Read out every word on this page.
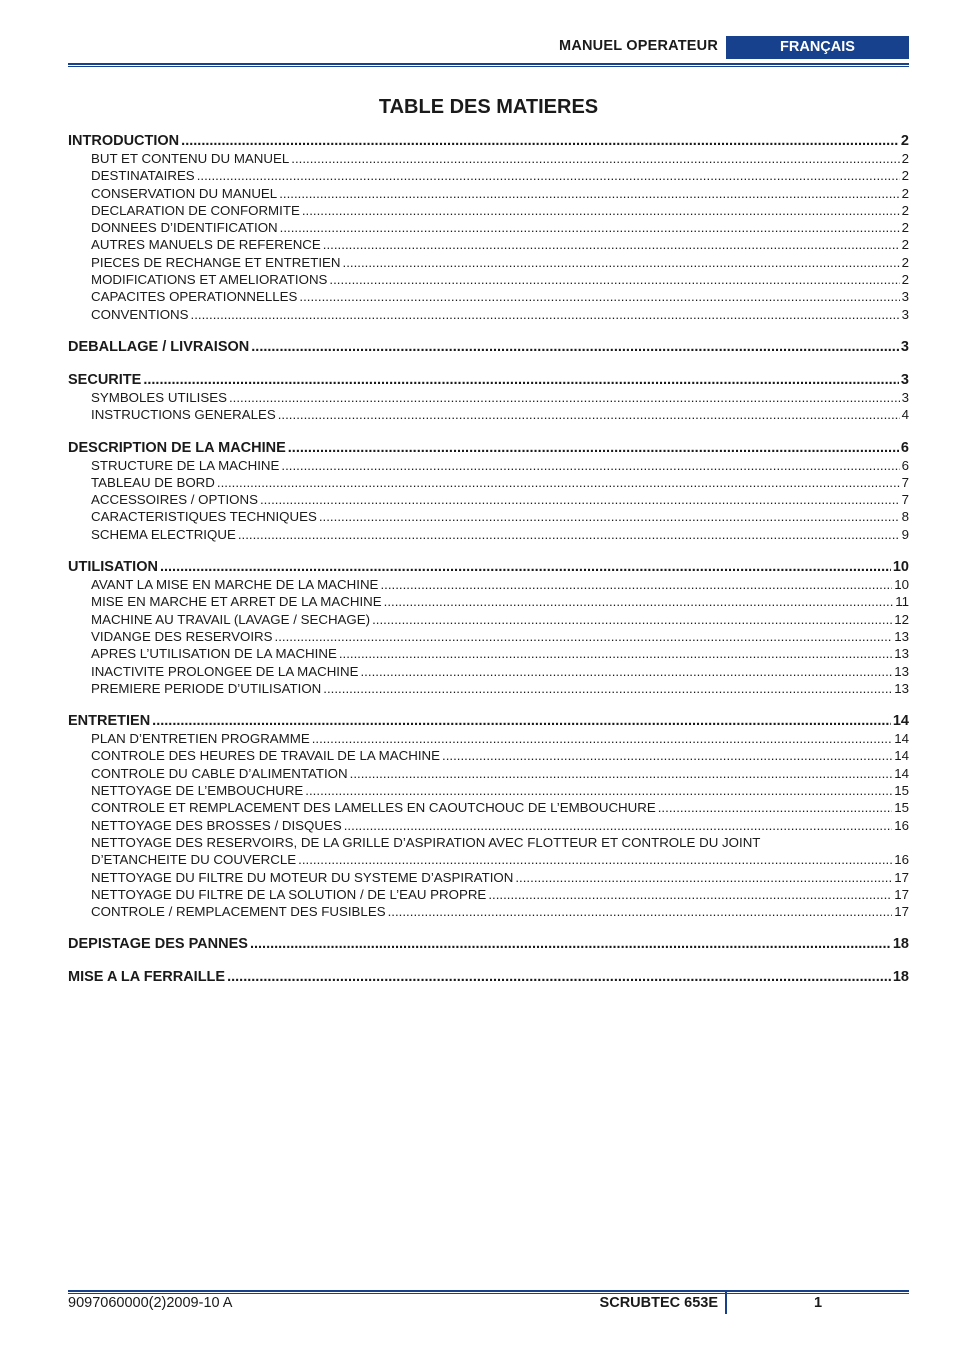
MANUEL OPERATEUR	FRANÇAIS
TABLE DES MATIERES
INTRODUCTION .....	2
BUT ET CONTENU DU MANUEL .....	2
DESTINATAIRES .....	2
CONSERVATION DU MANUEL .....	2
DECLARATION DE CONFORMITE .....	2
DONNEES D’IDENTIFICATION .....	2
AUTRES MANUELS DE REFERENCE .....	2
PIECES DE RECHANGE ET ENTRETIEN .....	2
MODIFICATIONS ET AMELIORATIONS .....	2
CAPACITES OPERATIONNELLES .....	3
CONVENTIONS .....	3
DEBALLAGE / LIVRAISON .....	3
SECURITE .....	3
SYMBOLES UTILISES .....	3
INSTRUCTIONS GENERALES .....	4
DESCRIPTION DE LA MACHINE .....	6
STRUCTURE DE LA MACHINE .....	6
TABLEAU DE BORD .....	7
ACCESSOIRES / OPTIONS .....	7
CARACTERISTIQUES TECHNIQUES .....	8
SCHEMA ELECTRIQUE .....	9
UTILISATION .....	10
AVANT LA MISE EN MARCHE DE LA MACHINE .....	10
MISE EN MARCHE ET ARRET DE LA MACHINE .....	11
MACHINE AU TRAVAIL (LAVAGE / SECHAGE) .....	12
VIDANGE DES RESERVOIRS .....	13
APRES L’UTILISATION DE LA MACHINE .....	13
INACTIVITE PROLONGEE DE LA MACHINE .....	13
PREMIERE PERIODE D’UTILISATION .....	13
ENTRETIEN .....	14
PLAN D’ENTRETIEN PROGRAMME .....	14
CONTROLE DES HEURES DE TRAVAIL DE LA MACHINE .....	14
CONTROLE DU CABLE D’ALIMENTATION .....	14
NETTOYAGE DE L’EMBOUCHURE .....	15
CONTROLE ET REMPLACEMENT DES LAMELLES EN CAOUTCHOUC DE L’EMBOUCHURE .....	15
NETTOYAGE DES BROSSES / DISQUES .....	16
NETTOYAGE DES RESERVOIRS, DE LA GRILLE D’ASPIRATION AVEC FLOTTEUR ET CONTROLE DU JOINT
D’ETANCHEITE DU COUVERCLE .....	16
NETTOYAGE DU FILTRE DU MOTEUR DU SYSTEME D’ASPIRATION .....	17
NETTOYAGE DU FILTRE DE LA SOLUTION / DE L’EAU PROPRE .....	17
CONTROLE / REMPLACEMENT DES FUSIBLES .....	17
DEPISTAGE DES PANNES .....	18
MISE A LA FERRAILLE .....	18
9097060000(2)2009-10 A	SCRUBTEC 653E	1
